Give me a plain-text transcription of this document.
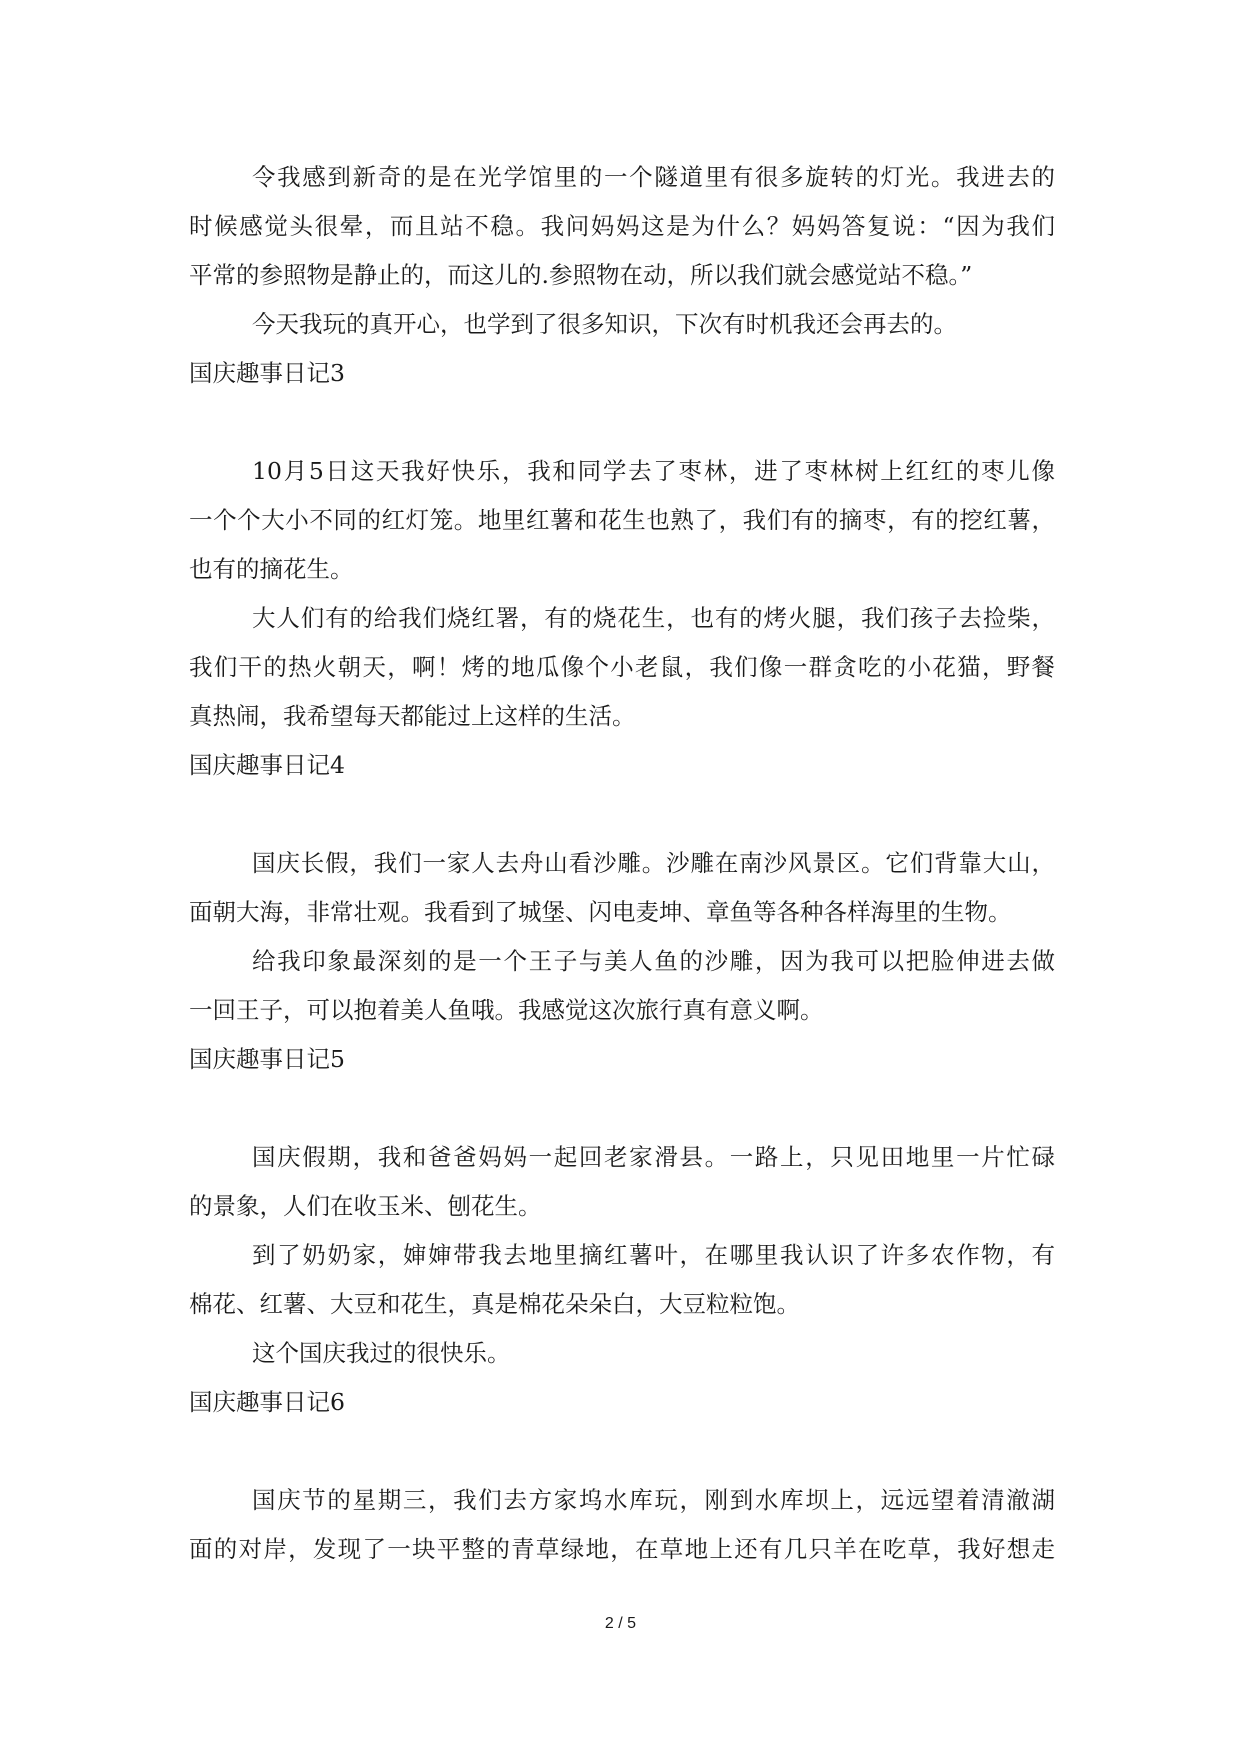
令我感到新奇的是在光学馆里的一个隧道里有很多旋转的灯光。我进去的
时候感觉头很晕，而且站不稳。我问妈妈这是为什么？妈妈答复说：“因为我们
平常的参照物是静止的，而这儿的.参照物在动，所以我们就会感觉站不稳。”
今天我玩的真开心，也学到了很多知识，下次有时机我还会再去的。
国庆趣事日记3
10月5日这天我好快乐，我和同学去了枣林，进了枣林树上红红的枣儿像
一个个大小不同的红灯笼。地里红薯和花生也熟了，我们有的摘枣，有的挖红薯，
也有的摘花生。
大人们有的给我们烧红署，有的烧花生，也有的烤火腿，我们孩子去捡柴，
我们干的热火朝天，啊！烤的地瓜像个小老鼠，我们像一群贪吃的小花猫，野餐
真热闹，我希望每天都能过上这样的生活。
国庆趣事日记4
国庆长假，我们一家人去舟山看沙雕。沙雕在南沙风景区。它们背靠大山，
面朝大海，非常壮观。我看到了城堡、闪电麦坤、章鱼等各种各样海里的生物。
给我印象最深刻的是一个王子与美人鱼的沙雕，因为我可以把脸伸进去做
一回王子，可以抱着美人鱼哦。我感觉这次旅行真有意义啊。
国庆趣事日记5
国庆假期，我和爸爸妈妈一起回老家滑县。一路上，只见田地里一片忙碌
的景象，人们在收玉米、刨花生。
到了奶奶家，婶婶带我去地里摘红薯叶，在哪里我认识了许多农作物，有
棉花、红薯、大豆和花生，真是棉花朵朵白，大豆粒粒饱。
这个国庆我过的很快乐。
国庆趣事日记6
国庆节的星期三，我们去方家坞水库玩，刚到水库坝上，远远望着清澈湖
面的对岸，发现了一块平整的青草绿地，在草地上还有几只羊在吃草，我好想走
2 / 5
